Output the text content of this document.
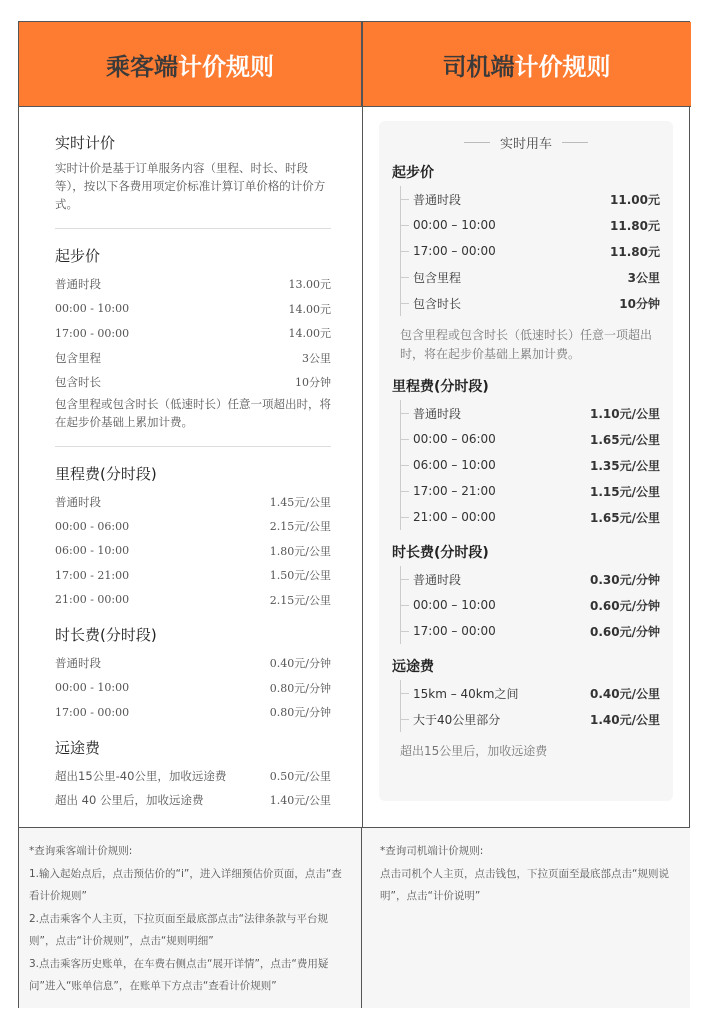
乘客端 计价规则	司机端 计价规则
实时计价

实时计价是基于订单服务内容（里程、时长、时段等），按以下各费用项定价标准计算订单价格的计价方式。

起步价
普通时段	13.00元
00:00 - 10:00	14.00元
17:00 - 00:00	14.00元
包含里程	3公里
包含时长	10分钟

包含里程或包含时长（低速时长）任意一项超出时，将在起步价基础上累加计费。

里程费(分时段)
普通时段	1.45元/公里
00:00 - 06:00	2.15元/公里
06:00 - 10:00	1.80元/公里
17:00 - 21:00	1.50元/公里
21:00 - 00:00	2.15元/公里
时长费(分时段)
普通时段	0.40元/分钟
00:00 - 10:00	0.80元/分钟
17:00 - 00:00	0.80元/分钟
远途费
超出15公里-40公里，加收远途费	0.50元/公里
超出 40 公里后，加收远途费	1.40元/公里
实时用车
起步价
普通时段	11.00元
00:00 – 10:00	11.80元
17:00 – 00:00	11.80元
包含里程	3公里
包含时长	10分钟
包含里程或包含时长（低速时长）任意一项超出时，将在起步价基础上累加计费。
里程费(分时段)
普通时段	1.10元/公里
00:00 – 06:00	1.65元/公里
06:00 – 10:00	1.35元/公里
17:00 – 21:00	1.15元/公里
21:00 – 00:00	1.65元/公里
时长费(分时段)
普通时段	0.30元/分钟
00:00 – 10:00	0.60元/分钟
17:00 – 00:00	0.60元/分钟
远途费
15km – 40km之间	0.40元/公里
大于40公里部分	1.40元/公里
超出15公里后，加收远途费
*查询乘客端计价规则:
1.输入起始点后，点击预估价的“i”，进入详细预估价页面，点击“查看计价规则”
2.点击乘客个人主页，下拉页面至最底部点击“法律条款与平台规则”，点击“计价规则”，点击“规则明细”
3.点击乘客历史账单，在车费右侧点击“展开详情”，点击“费用疑问”进入“账单信息”，在账单下方点击“查看计价规则”
*查询司机端计价规则:
点击司机个人主页，点击钱包，下拉页面至最底部点击“规则说明”，点击“计价说明”
